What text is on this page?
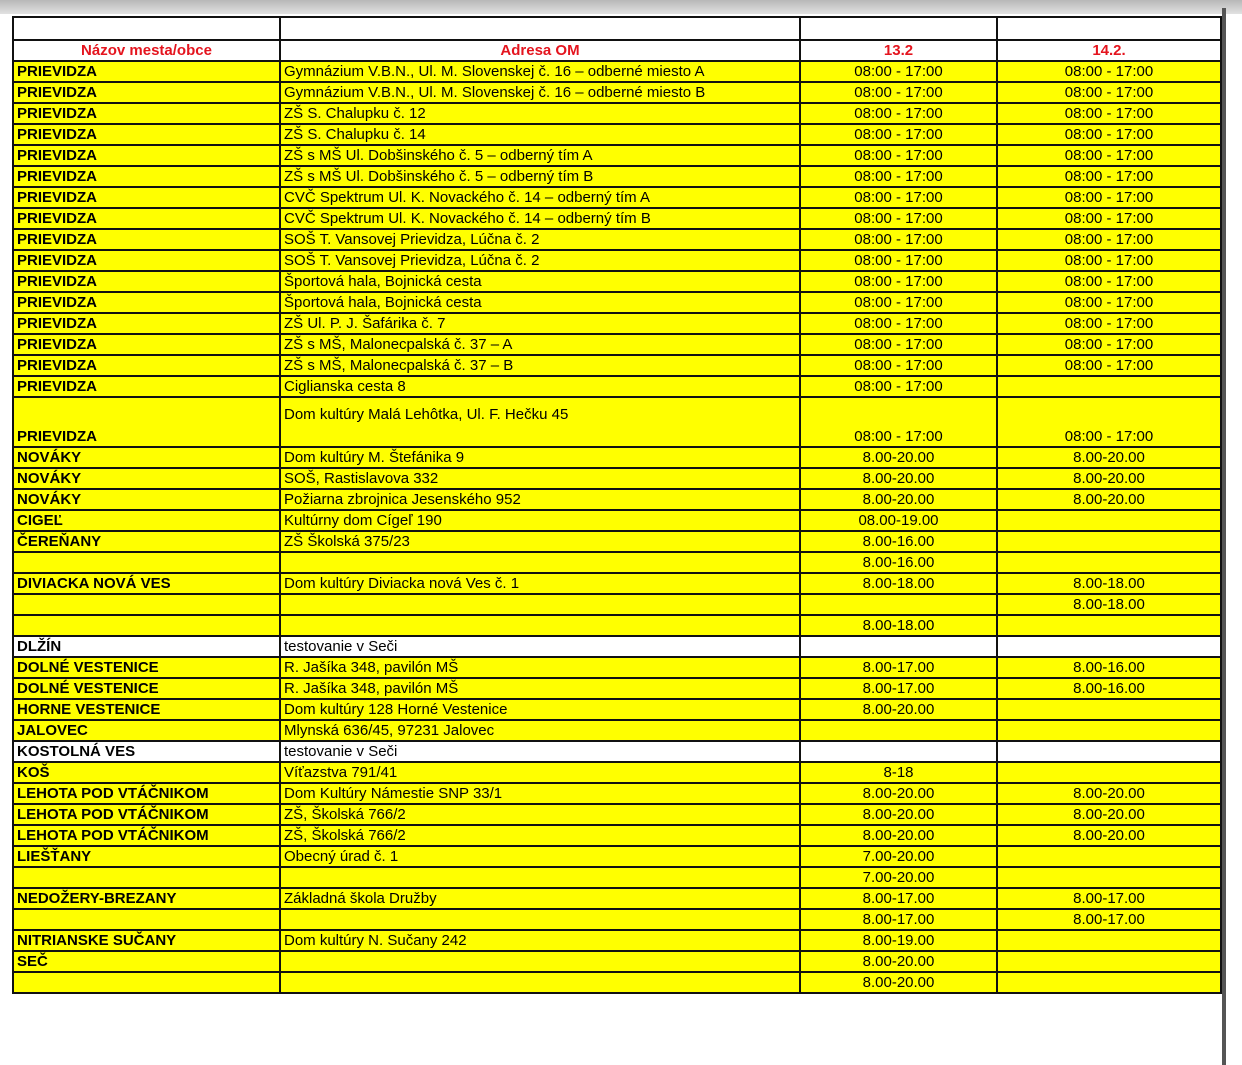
Názov mesta/obce	Adresa OM	13.2	14.2.
PRIEVIDZA	Gymnázium V.B.N., Ul. M. Slovenskej č. 16 – odberné miesto A	08:00 - 17:00	08:00 - 17:00
PRIEVIDZA	Gymnázium V.B.N., Ul. M. Slovenskej č. 16 – odberné miesto B	08:00 - 17:00	08:00 - 17:00
PRIEVIDZA	ZŠ S. Chalupku č. 12	08:00 - 17:00	08:00 - 17:00
PRIEVIDZA	ZŠ S. Chalupku č. 14	08:00 - 17:00	08:00 - 17:00
PRIEVIDZA	ZŠ s MŠ Ul. Dobšinského č. 5 – odberný tím A	08:00 - 17:00	08:00 - 17:00
PRIEVIDZA	ZŠ s MŠ Ul. Dobšinského č. 5 – odberný tím B	08:00 - 17:00	08:00 - 17:00
PRIEVIDZA	CVČ Spektrum Ul. K. Novackého č. 14 – odberný tím A	08:00 - 17:00	08:00 - 17:00
PRIEVIDZA	CVČ Spektrum Ul. K. Novackého č. 14 – odberný tím B	08:00 - 17:00	08:00 - 17:00
PRIEVIDZA	SOŠ T. Vansovej Prievidza, Lúčna č. 2	08:00 - 17:00	08:00 - 17:00
PRIEVIDZA	SOŠ T. Vansovej Prievidza, Lúčna č. 2	08:00 - 17:00	08:00 - 17:00
PRIEVIDZA	Športová hala, Bojnická cesta	08:00 - 17:00	08:00 - 17:00
PRIEVIDZA	Športová hala, Bojnická cesta	08:00 - 17:00	08:00 - 17:00
PRIEVIDZA	ZŠ Ul. P. J. Šafárika č. 7	08:00 - 17:00	08:00 - 17:00
PRIEVIDZA	ZŠ s MŠ, Malonecpalská č. 37 – A	08:00 - 17:00	08:00 - 17:00
PRIEVIDZA	ZŠ s MŠ, Malonecpalská č. 37 – B	08:00 - 17:00	08:00 - 17:00
PRIEVIDZA	Ciglianska cesta 8	08:00 - 17:00	
PRIEVIDZA	Dom kultúry Malá Lehôtka, Ul. F. Hečku 45	08:00 - 17:00	08:00 - 17:00
NOVÁKY	Dom kultúry M. Štefánika 9	8.00-20.00	8.00-20.00
NOVÁKY	SOŠ, Rastislavova 332	8.00-20.00	8.00-20.00
NOVÁKY	Požiarna zbrojnica Jesenského 952	8.00-20.00	8.00-20.00
CIGEĽ	Kultúrny dom Cígeľ 190	08.00-19.00	
ČEREŇANY	ZŠ Školská 375/23	8.00-16.00	
		8.00-16.00	
DIVIACKA NOVÁ VES	Dom kultúry Diviacka nová Ves č. 1	8.00-18.00	8.00-18.00
			8.00-18.00
		8.00-18.00	
DLŽÍN	testovanie v Seči		
DOLNÉ VESTENICE	R. Jašíka 348, pavilón MŠ	8.00-17.00	8.00-16.00
DOLNÉ VESTENICE	R. Jašíka 348, pavilón MŠ	8.00-17.00	8.00-16.00
HORNE VESTENICE	Dom kultúry 128 Horné Vestenice	8.00-20.00	
JALOVEC	Mlynská 636/45, 97231 Jalovec		
KOSTOLNÁ VES	testovanie v Seči		
KOŠ	Víťazstva 791/41	8-18	
LEHOTA POD VTÁČNIKOM	Dom Kultúry Námestie SNP 33/1	8.00-20.00	8.00-20.00
LEHOTA POD VTÁČNIKOM	ZŠ, Školská 766/2	8.00-20.00	8.00-20.00
LEHOTA POD VTÁČNIKOM	ZŠ, Školská 766/2	8.00-20.00	8.00-20.00
LIEŠŤANY	Obecný úrad č. 1	7.00-20.00	
		7.00-20.00	
NEDOŽERY-BREZANY	Základná škola Družby	8.00-17.00	8.00-17.00
		8.00-17.00	8.00-17.00
NITRIANSKE SUČANY	Dom kultúry N. Sučany 242	8.00-19.00	
SEČ		8.00-20.00	
		8.00-20.00	
